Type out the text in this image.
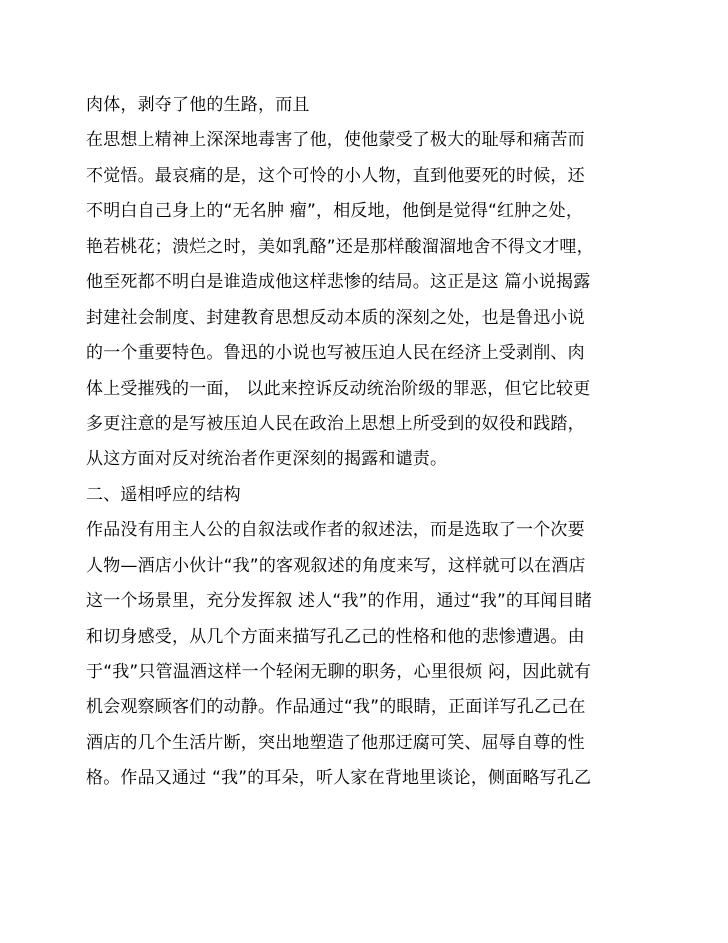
肉体，剥夺了他的生路，而且
在思想上精神上深深地毒害了他，使他蒙受了极大的耻辱和痛苦而
不觉悟。最哀痛的是，这个可怜的小人物，直到他要死的时候，还
不明白自己身上的“无名肿 瘤”，相反地，他倒是觉得“红肿之处，
艳若桃花；溃烂之时，美如乳酪”还是那样酸溜溜地舍不得文才哩，
他至死都不明白是谁造成他这样悲惨的结局。这正是这 篇小说揭露
封建社会制度、封建教育思想反动本质的深刻之处，也是鲁迅小说
的一个重要特色。鲁迅的小说也写被压迫人民在经济上受剥削、肉
体上受摧残的一面， 以此来控诉反动统治阶级的罪恶，但它比较更
多更注意的是写被压迫人民在政治上思想上所受到的奴役和践踏，
从这方面对反对统治者作更深刻的揭露和谴责。
二、遥相呼应的结构
作品没有用主人公的自叙法或作者的叙述法，而是选取了一个次要
人物—酒店小伙计“我”的客观叙述的角度来写，这样就可以在酒店
这一个场景里，充分发挥叙 述人“我”的作用，通过“我”的耳闻目睹
和切身感受，从几个方面来描写孔乙己的性格和他的悲惨遭遇。由
于“我”只管温酒这样一个轻闲无聊的职务，心里很烦 闷，因此就有
机会观察顾客们的动静。作品通过“我”的眼睛，正面详写孔乙己在
酒店的几个生活片断，突出地塑造了他那迂腐可笑、屈辱自尊的性
格。作品又通过 “我”的耳朵，听人家在背地里谈论，侧面略写孔乙
